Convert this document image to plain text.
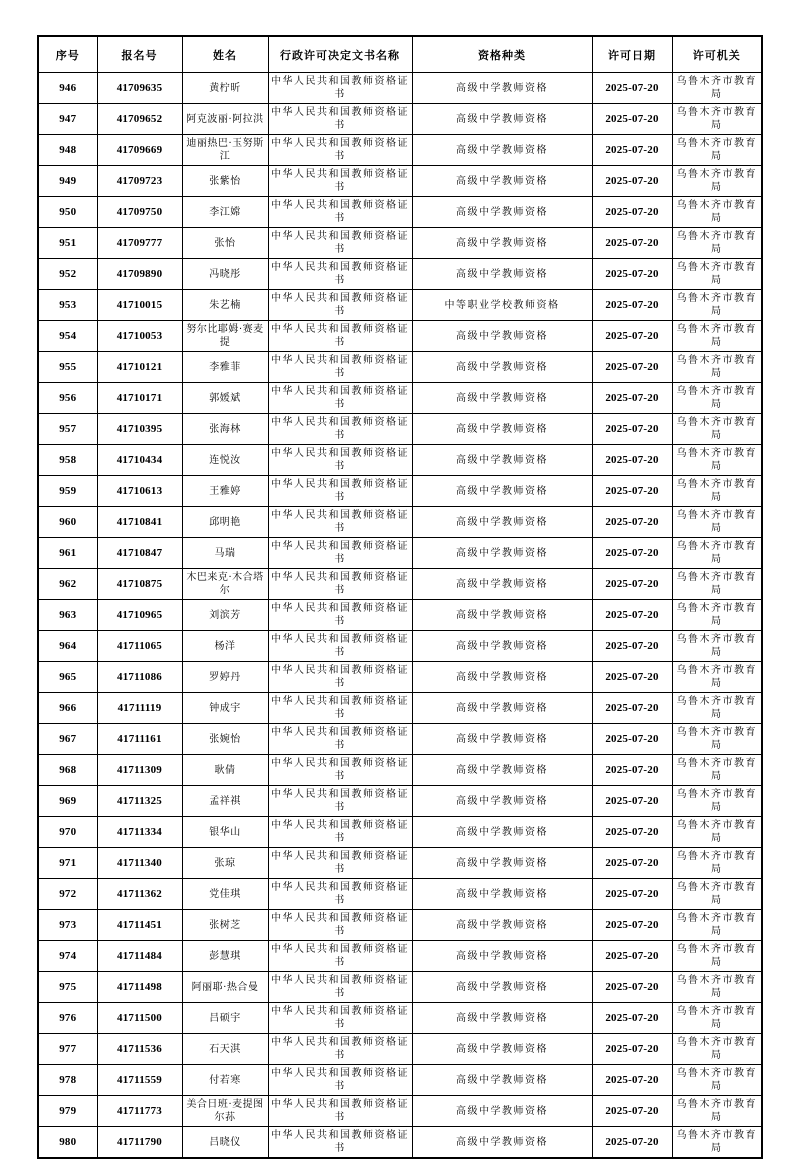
序号	报名号	姓名	行政许可决定文书名称	资格种类	许可日期	许可机关
946	41709635	黄柠昕	中华人民共和国教师资格证书	高级中学教师资格	2025-07-20	乌鲁木齐市教育局
947	41709652	阿克波丽·阿拉洪	中华人民共和国教师资格证书	高级中学教师资格	2025-07-20	乌鲁木齐市教育局
948	41709669	迪丽热巴·玉努斯江	中华人民共和国教师资格证书	高级中学教师资格	2025-07-20	乌鲁木齐市教育局
949	41709723	张紫怡	中华人民共和国教师资格证书	高级中学教师资格	2025-07-20	乌鲁木齐市教育局
950	41709750	李江嫦	中华人民共和国教师资格证书	高级中学教师资格	2025-07-20	乌鲁木齐市教育局
951	41709777	张怡	中华人民共和国教师资格证书	高级中学教师资格	2025-07-20	乌鲁木齐市教育局
952	41709890	冯晓彤	中华人民共和国教师资格证书	高级中学教师资格	2025-07-20	乌鲁木齐市教育局
953	41710015	朱艺楠	中华人民共和国教师资格证书	中等职业学校教师资格	2025-07-20	乌鲁木齐市教育局
954	41710053	努尔比耶姆·赛麦提	中华人民共和国教师资格证书	高级中学教师资格	2025-07-20	乌鲁木齐市教育局
955	41710121	李雅菲	中华人民共和国教师资格证书	高级中学教师资格	2025-07-20	乌鲁木齐市教育局
956	41710171	郭媛斌	中华人民共和国教师资格证书	高级中学教师资格	2025-07-20	乌鲁木齐市教育局
957	41710395	张海林	中华人民共和国教师资格证书	高级中学教师资格	2025-07-20	乌鲁木齐市教育局
958	41710434	连悦汝	中华人民共和国教师资格证书	高级中学教师资格	2025-07-20	乌鲁木齐市教育局
959	41710613	王雅婷	中华人民共和国教师资格证书	高级中学教师资格	2025-07-20	乌鲁木齐市教育局
960	41710841	邱明艳	中华人民共和国教师资格证书	高级中学教师资格	2025-07-20	乌鲁木齐市教育局
961	41710847	马瑞	中华人民共和国教师资格证书	高级中学教师资格	2025-07-20	乌鲁木齐市教育局
962	41710875	木巴来克·木合塔尔	中华人民共和国教师资格证书	高级中学教师资格	2025-07-20	乌鲁木齐市教育局
963	41710965	刘滨芳	中华人民共和国教师资格证书	高级中学教师资格	2025-07-20	乌鲁木齐市教育局
964	41711065	杨洋	中华人民共和国教师资格证书	高级中学教师资格	2025-07-20	乌鲁木齐市教育局
965	41711086	罗婷丹	中华人民共和国教师资格证书	高级中学教师资格	2025-07-20	乌鲁木齐市教育局
966	41711119	钟成宇	中华人民共和国教师资格证书	高级中学教师资格	2025-07-20	乌鲁木齐市教育局
967	41711161	张婉怡	中华人民共和国教师资格证书	高级中学教师资格	2025-07-20	乌鲁木齐市教育局
968	41711309	耿倩	中华人民共和国教师资格证书	高级中学教师资格	2025-07-20	乌鲁木齐市教育局
969	41711325	孟祥祺	中华人民共和国教师资格证书	高级中学教师资格	2025-07-20	乌鲁木齐市教育局
970	41711334	银华山	中华人民共和国教师资格证书	高级中学教师资格	2025-07-20	乌鲁木齐市教育局
971	41711340	张琼	中华人民共和国教师资格证书	高级中学教师资格	2025-07-20	乌鲁木齐市教育局
972	41711362	党佳琪	中华人民共和国教师资格证书	高级中学教师资格	2025-07-20	乌鲁木齐市教育局
973	41711451	张树芝	中华人民共和国教师资格证书	高级中学教师资格	2025-07-20	乌鲁木齐市教育局
974	41711484	彭慧琪	中华人民共和国教师资格证书	高级中学教师资格	2025-07-20	乌鲁木齐市教育局
975	41711498	阿丽耶·热合曼	中华人民共和国教师资格证书	高级中学教师资格	2025-07-20	乌鲁木齐市教育局
976	41711500	吕硕宇	中华人民共和国教师资格证书	高级中学教师资格	2025-07-20	乌鲁木齐市教育局
977	41711536	石天淇	中华人民共和国教师资格证书	高级中学教师资格	2025-07-20	乌鲁木齐市教育局
978	41711559	付若寒	中华人民共和国教师资格证书	高级中学教师资格	2025-07-20	乌鲁木齐市教育局
979	41711773	美合日班·麦提图尔荪	中华人民共和国教师资格证书	高级中学教师资格	2025-07-20	乌鲁木齐市教育局
980	41711790	吕晓仪	中华人民共和国教师资格证书	高级中学教师资格	2025-07-20	乌鲁木齐市教育局
